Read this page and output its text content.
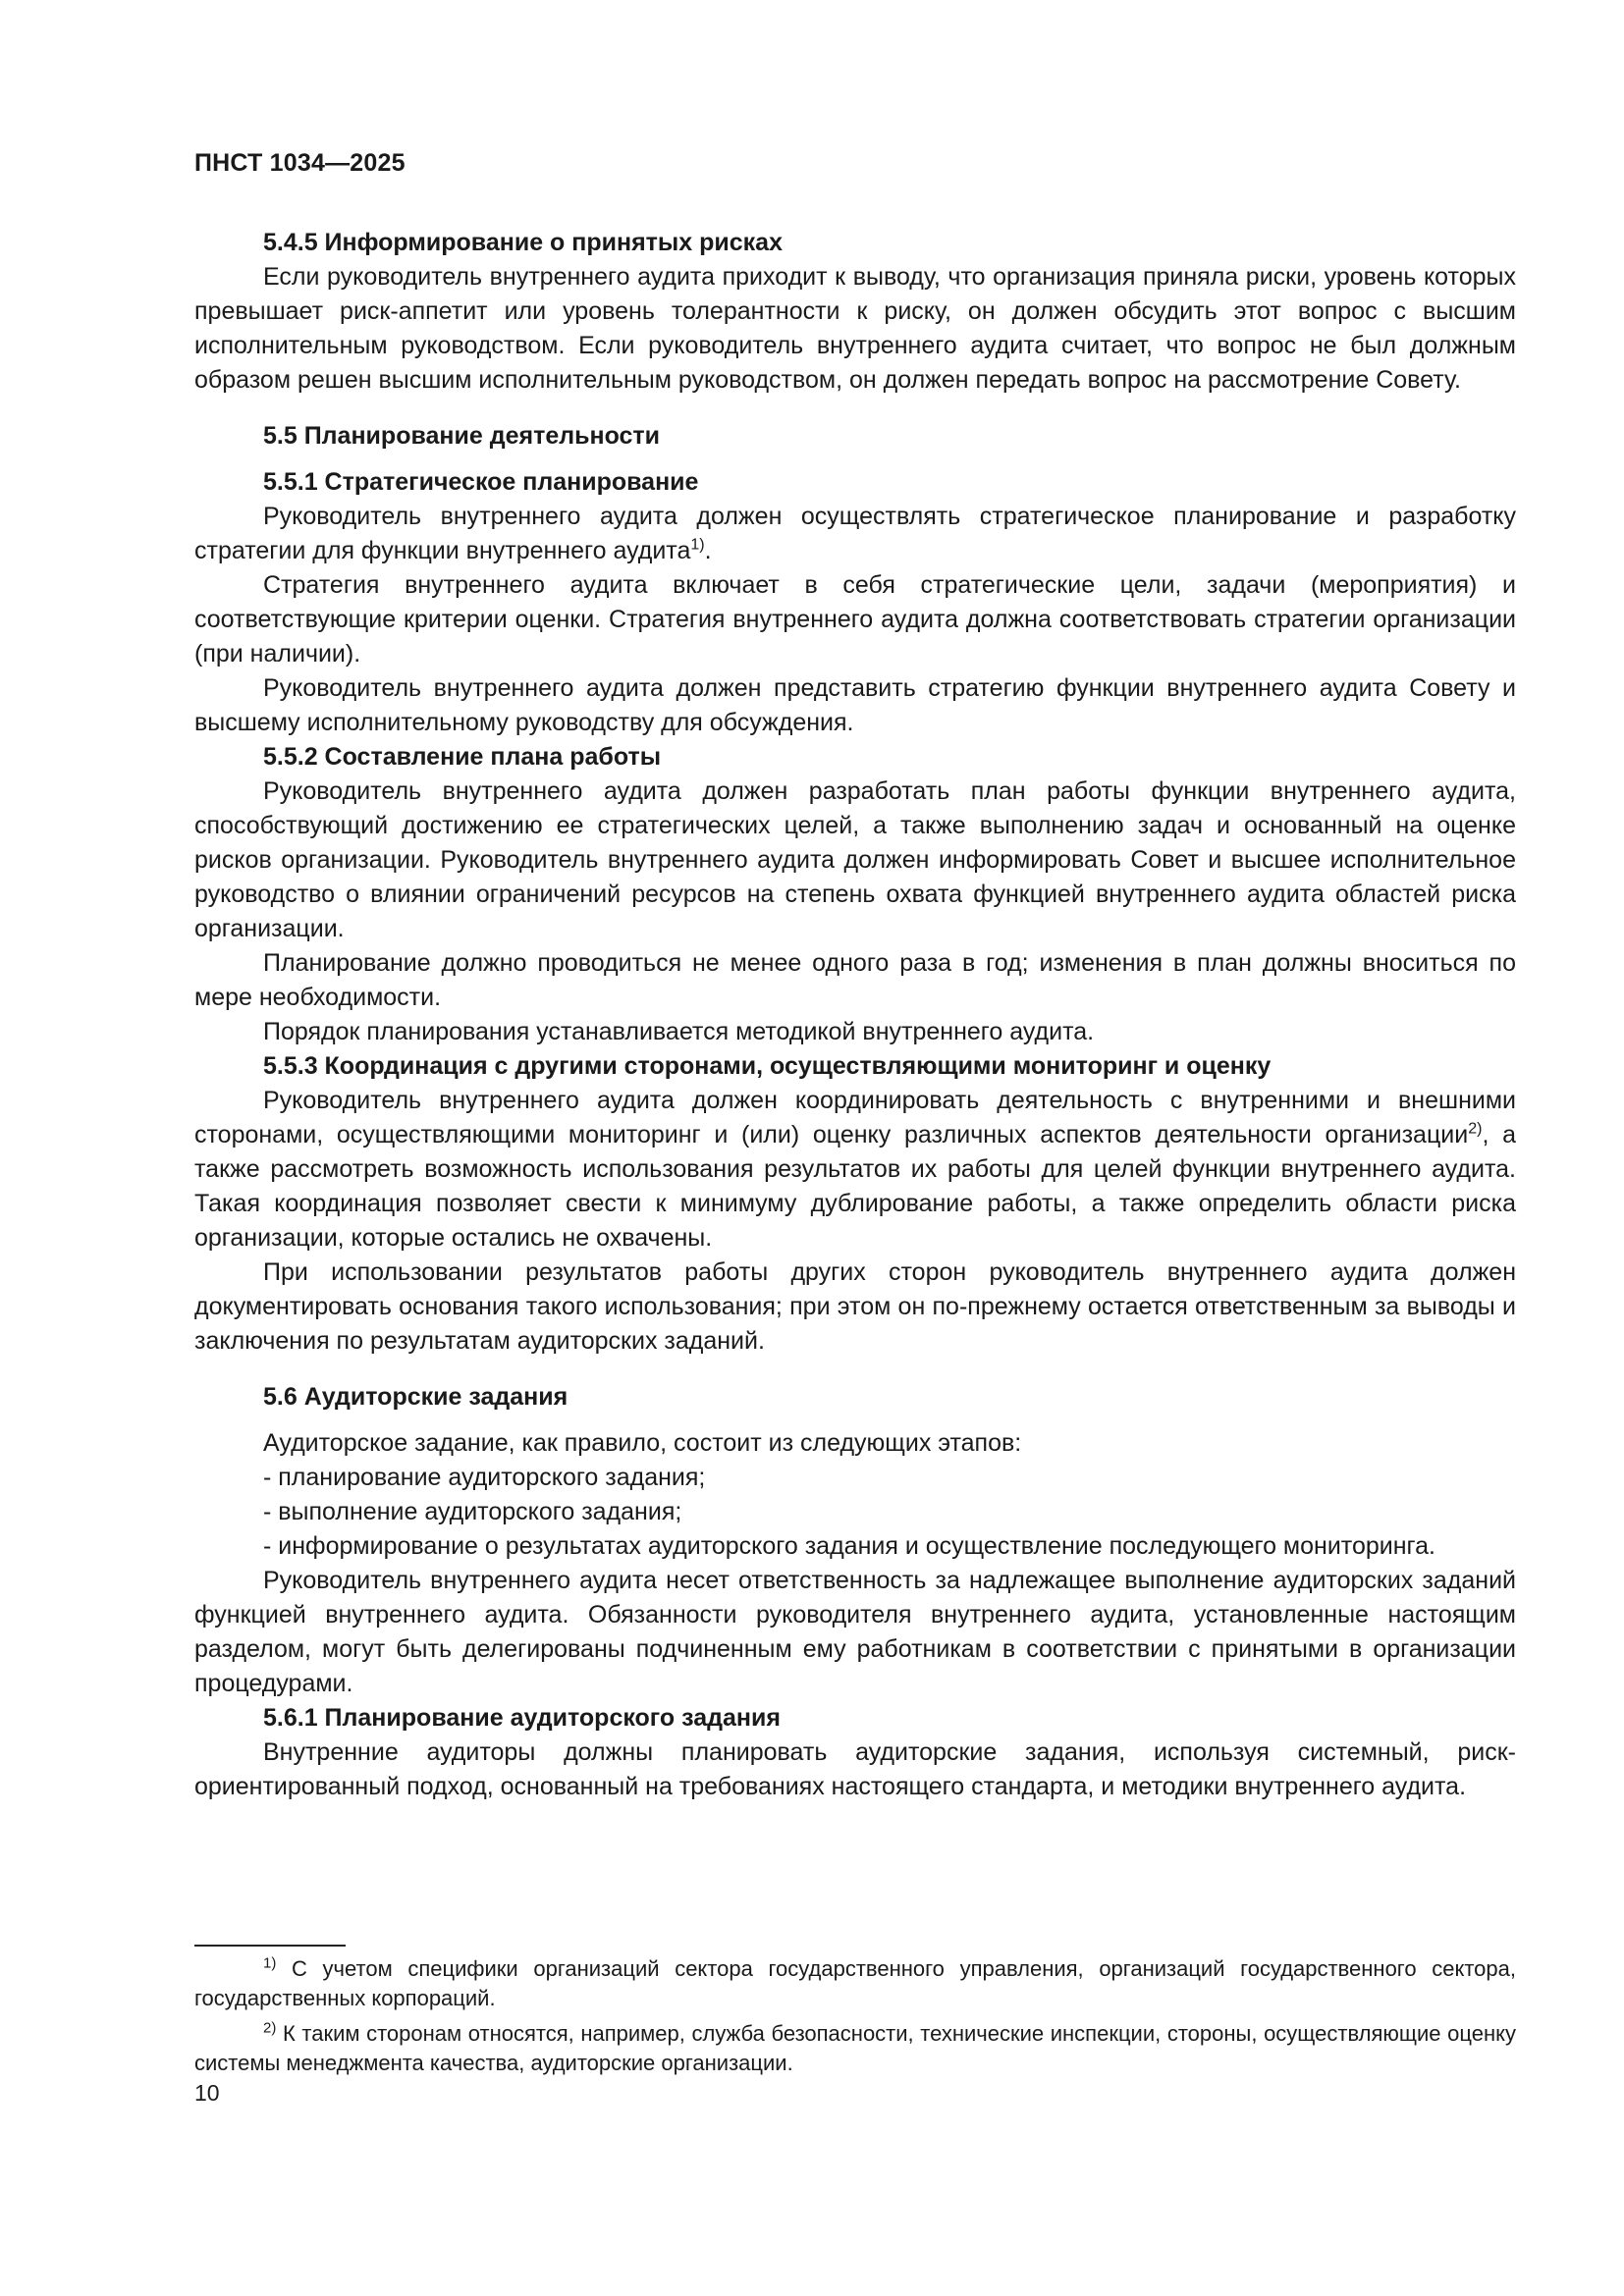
ПНСТ 1034—2025

5.4.5 Информирование о принятых рисках

Если руководитель внутреннего аудита приходит к выводу, что организация приняла риски, уровень которых превышает риск-аппетит или уровень толерантности к риску, он должен обсудить этот вопрос с высшим исполнительным руководством. Если руководитель внутреннего аудита считает, что вопрос не был должным образом решен высшим исполнительным руководством, он должен передать вопрос на рассмотрение Совету.

5.5 Планирование деятельности

5.5.1 Стратегическое планирование

Руководитель внутреннего аудита должен осуществлять стратегическое планирование и разработку стратегии для функции внутреннего аудита$^{1)}$.

Стратегия внутреннего аудита включает в себя стратегические цели, задачи (мероприятия) и соответствующие критерии оценки. Стратегия внутреннего аудита должна соответствовать стратегии организации (при наличии).

Руководитель внутреннего аудита должен представить стратегию функции внутреннего аудита Совету и высшему исполнительному руководству для обсуждения.

5.5.2 Составление плана работы

Руководитель внутреннего аудита должен разработать план работы функции внутреннего аудита, способствующий достижению ее стратегических целей, а также выполнению задач и основанный на оценке рисков организации. Руководитель внутреннего аудита должен информировать Совет и высшее исполнительное руководство о влиянии ограничений ресурсов на степень охвата функцией внутреннего аудита областей риска организации.

Планирование должно проводиться не менее одного раза в год; изменения в план должны вноситься по мере необходимости.

Порядок планирования устанавливается методикой внутреннего аудита.

5.5.3 Координация с другими сторонами, осуществляющими мониторинг и оценку

Руководитель внутреннего аудита должен координировать деятельность с внутренними и внешними сторонами, осуществляющими мониторинг и (или) оценку различных аспектов деятельности организации$^{2)}$, а также рассмотреть возможность использования результатов их работы для целей функции внутреннего аудита. Такая координация позволяет свести к минимуму дублирование работы, а также определить области риска организации, которые остались не охвачены.

При использовании результатов работы других сторон руководитель внутреннего аудита должен документировать основания такого использования; при этом он по-прежнему остается ответственным за выводы и заключения по результатам аудиторских заданий.

5.6 Аудиторские задания

Аудиторское задание, как правило, состоит из следующих этапов:

- планирование аудиторского задания;

- выполнение аудиторского задания;

- информирование о результатах аудиторского задания и осуществление последующего мониторинга.

Руководитель внутреннего аудита несет ответственность за надлежащее выполнение аудиторских заданий функцией внутреннего аудита. Обязанности руководителя внутреннего аудита, установленные настоящим разделом, могут быть делегированы подчиненным ему работникам в соответствии с принятыми в организации процедурами.

5.6.1 Планирование аудиторского задания

Внутренние аудиторы должны планировать аудиторские задания, используя системный, риск-ориентированный подход, основанный на требованиях настоящего стандарта, и методики внутреннего аудита.

$^{1)}$ С учетом специфики организаций сектора государственного управления, организаций государственного сектора, государственных корпораций.

$^{2)}$ К таким сторонам относятся, например, служба безопасности, технические инспекции, стороны, осуществляющие оценку системы менеджмента качества, аудиторские организации.

10
